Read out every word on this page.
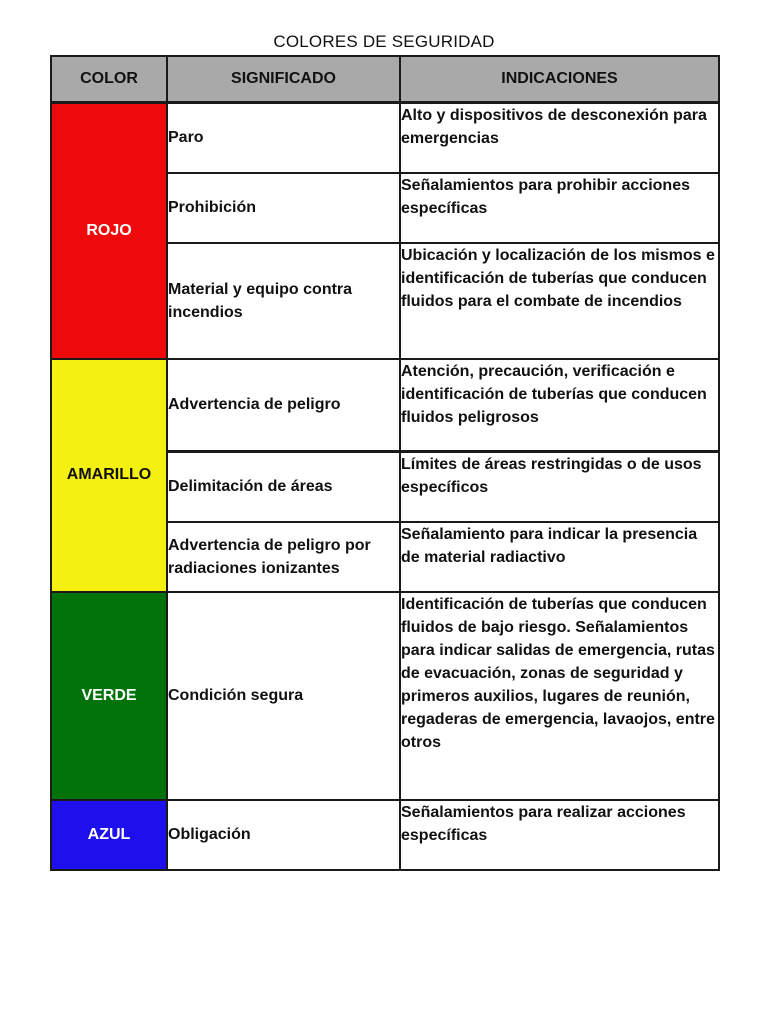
COLORES DE SEGURIDAD
COLOR	SIGNIFICADO	INDICACIONES
ROJO	Paro	Alto y dispositivos de desconexión para emergencias
	Prohibición	Señalamientos para prohibir acciones específicas
	Material y equipo contra incendios	Ubicación y localización de los mismos e identificación de tuberías que conducen fluidos para el combate de incendios
AMARILLO	Advertencia de peligro	Atención, precaución, verificación e identificación de tuberías que conducen fluidos peligrosos
	Delimitación de áreas	Límites de áreas restringidas o de usos específicos
	Advertencia de peligro por radiaciones ionizantes	Señalamiento para indicar la presencia de material radiactivo
VERDE	Condición segura	Identificación de tuberías que conducen fluidos de bajo riesgo. Señalamientos para indicar salidas de emergencia, rutas de evacuación, zonas de seguridad y primeros auxilios, lugares de reunión, regaderas de emergencia, lavaojos, entre otros
AZUL	Obligación	Señalamientos para realizar acciones específicas
